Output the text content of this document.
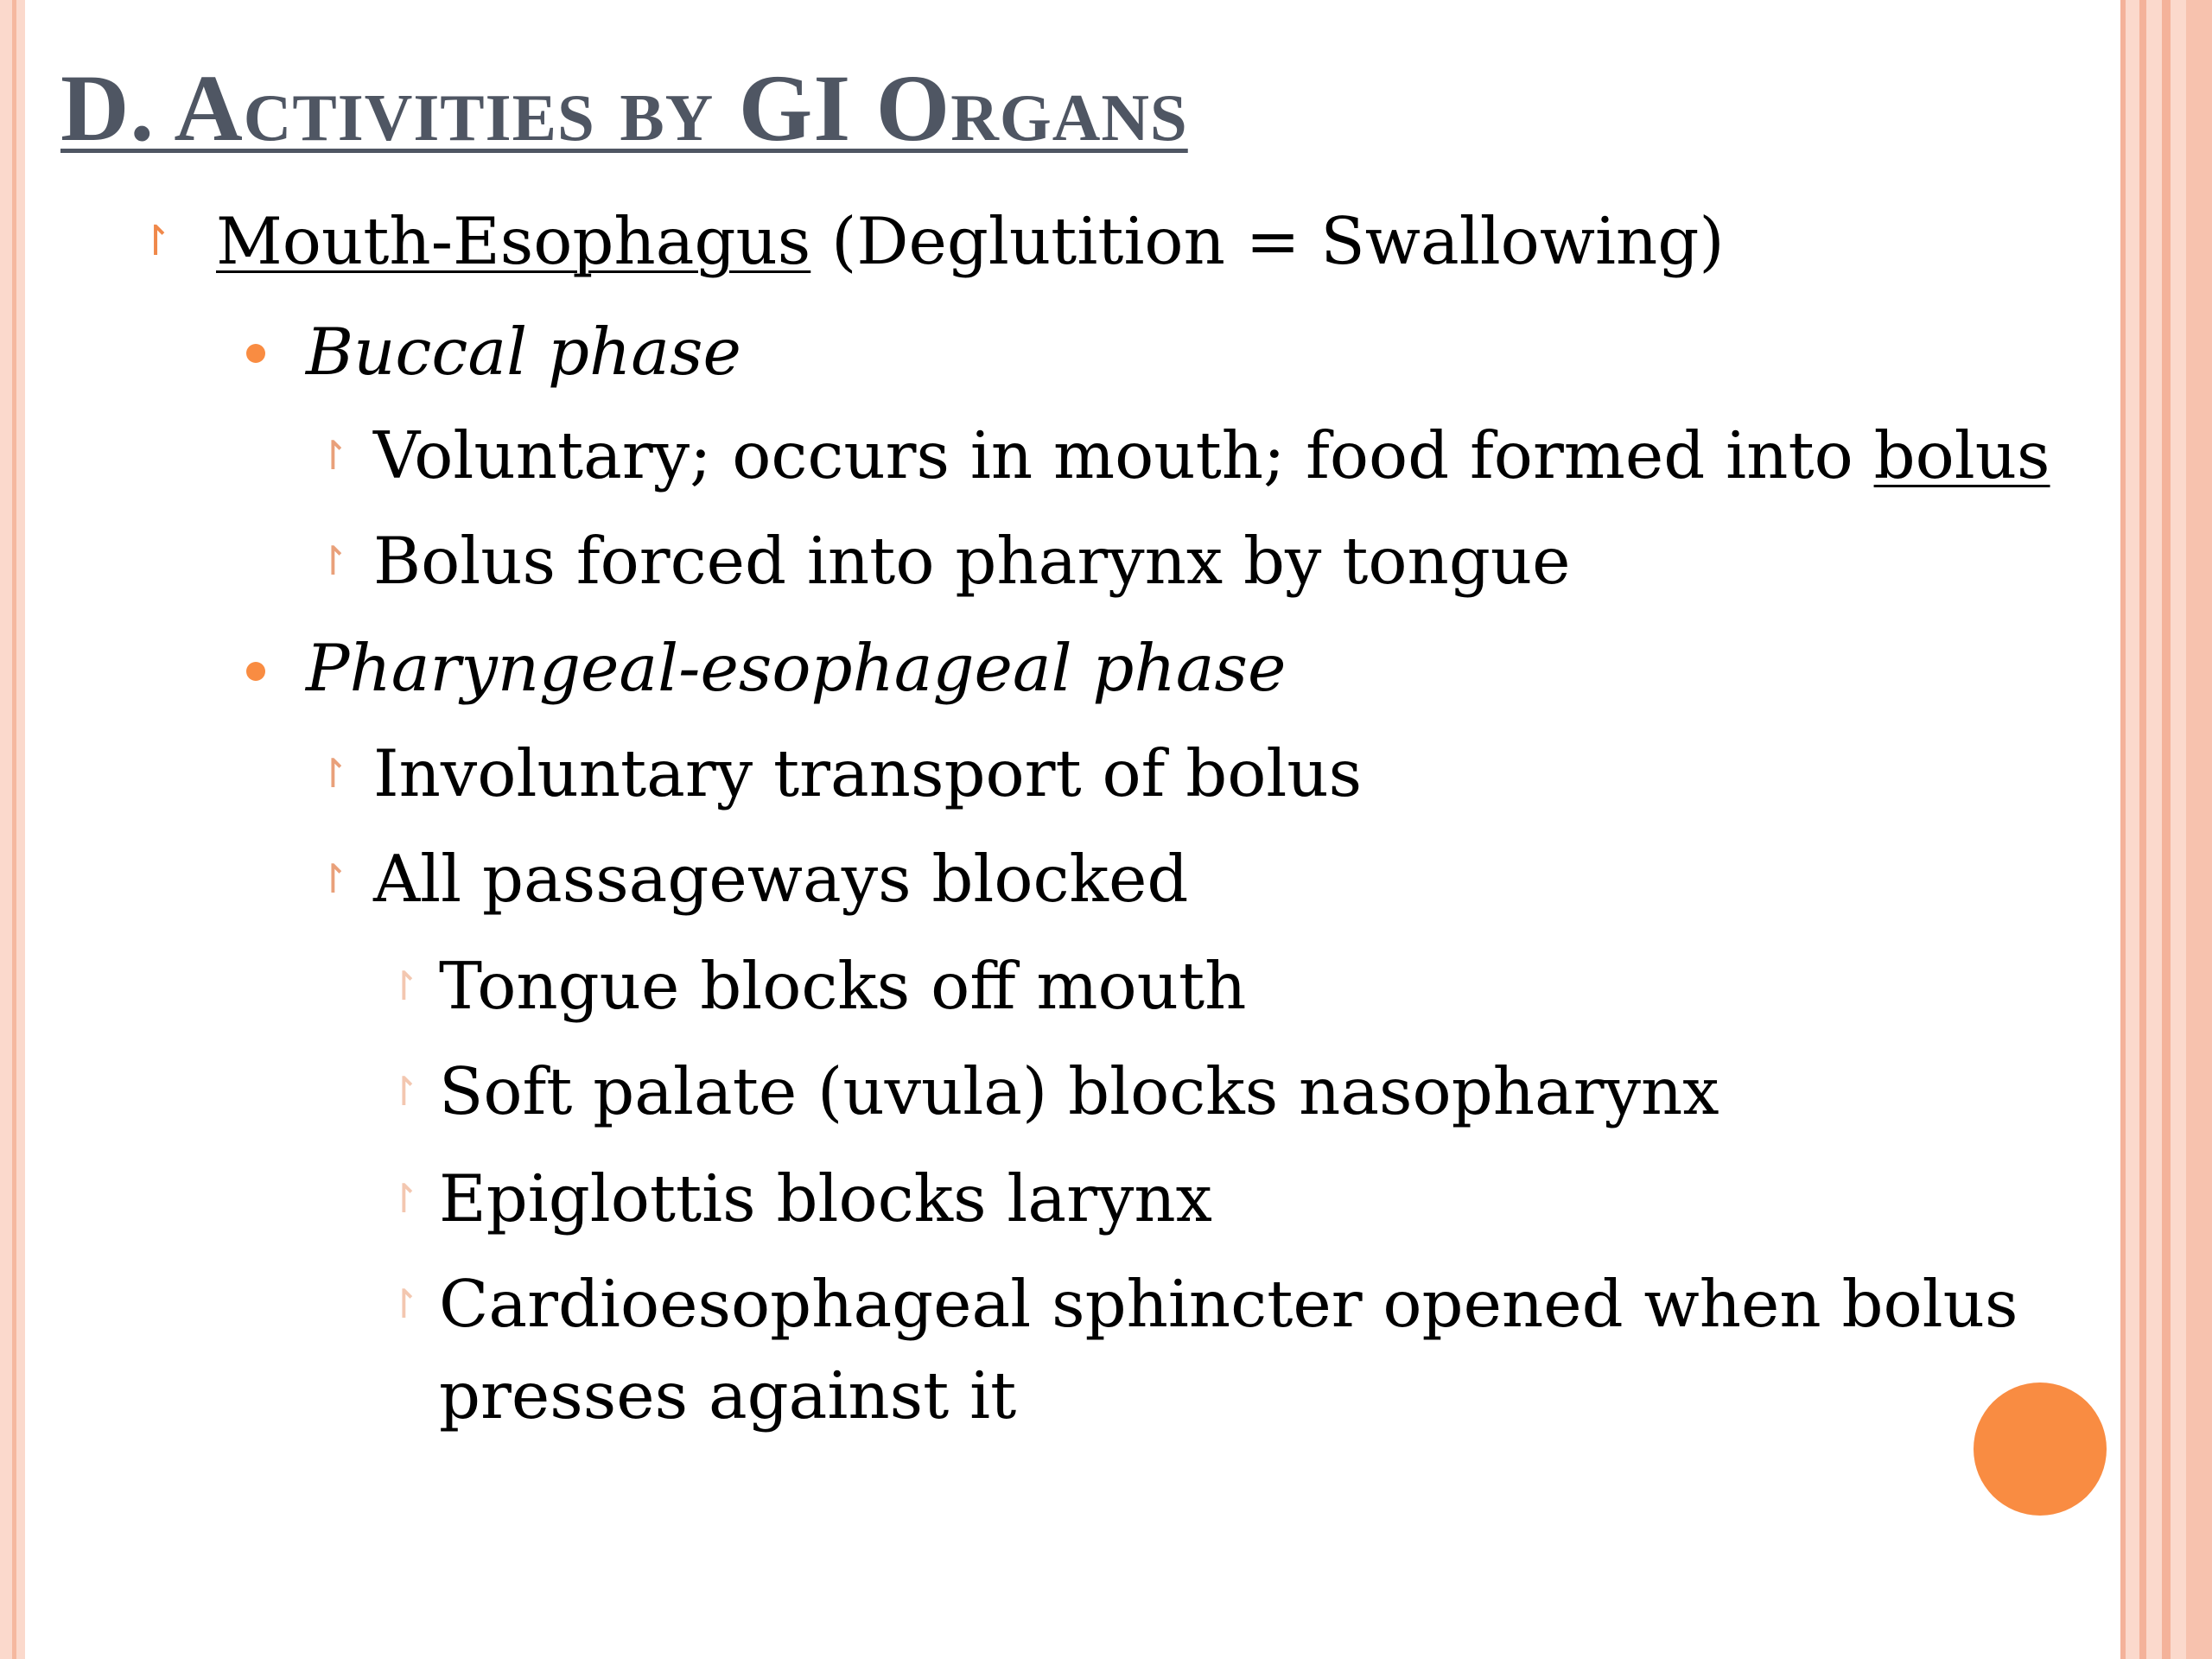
D. Activities by GI Organs
↾ Mouth-Esophagus (Deglutition = Swallowing)
Buccal phase
↾ Voluntary; occurs in mouth; food formed into bolus
↾ Bolus forced into pharynx by tongue
Pharyngeal-esophageal phase
↾ Involuntary transport of bolus
↾ All passageways blocked
↾ Tongue blocks off mouth
↾ Soft palate (uvula) blocks nasopharynx
↾ Epiglottis blocks larynx
↾ Cardioesophageal sphincter opened when bolus
presses against it
